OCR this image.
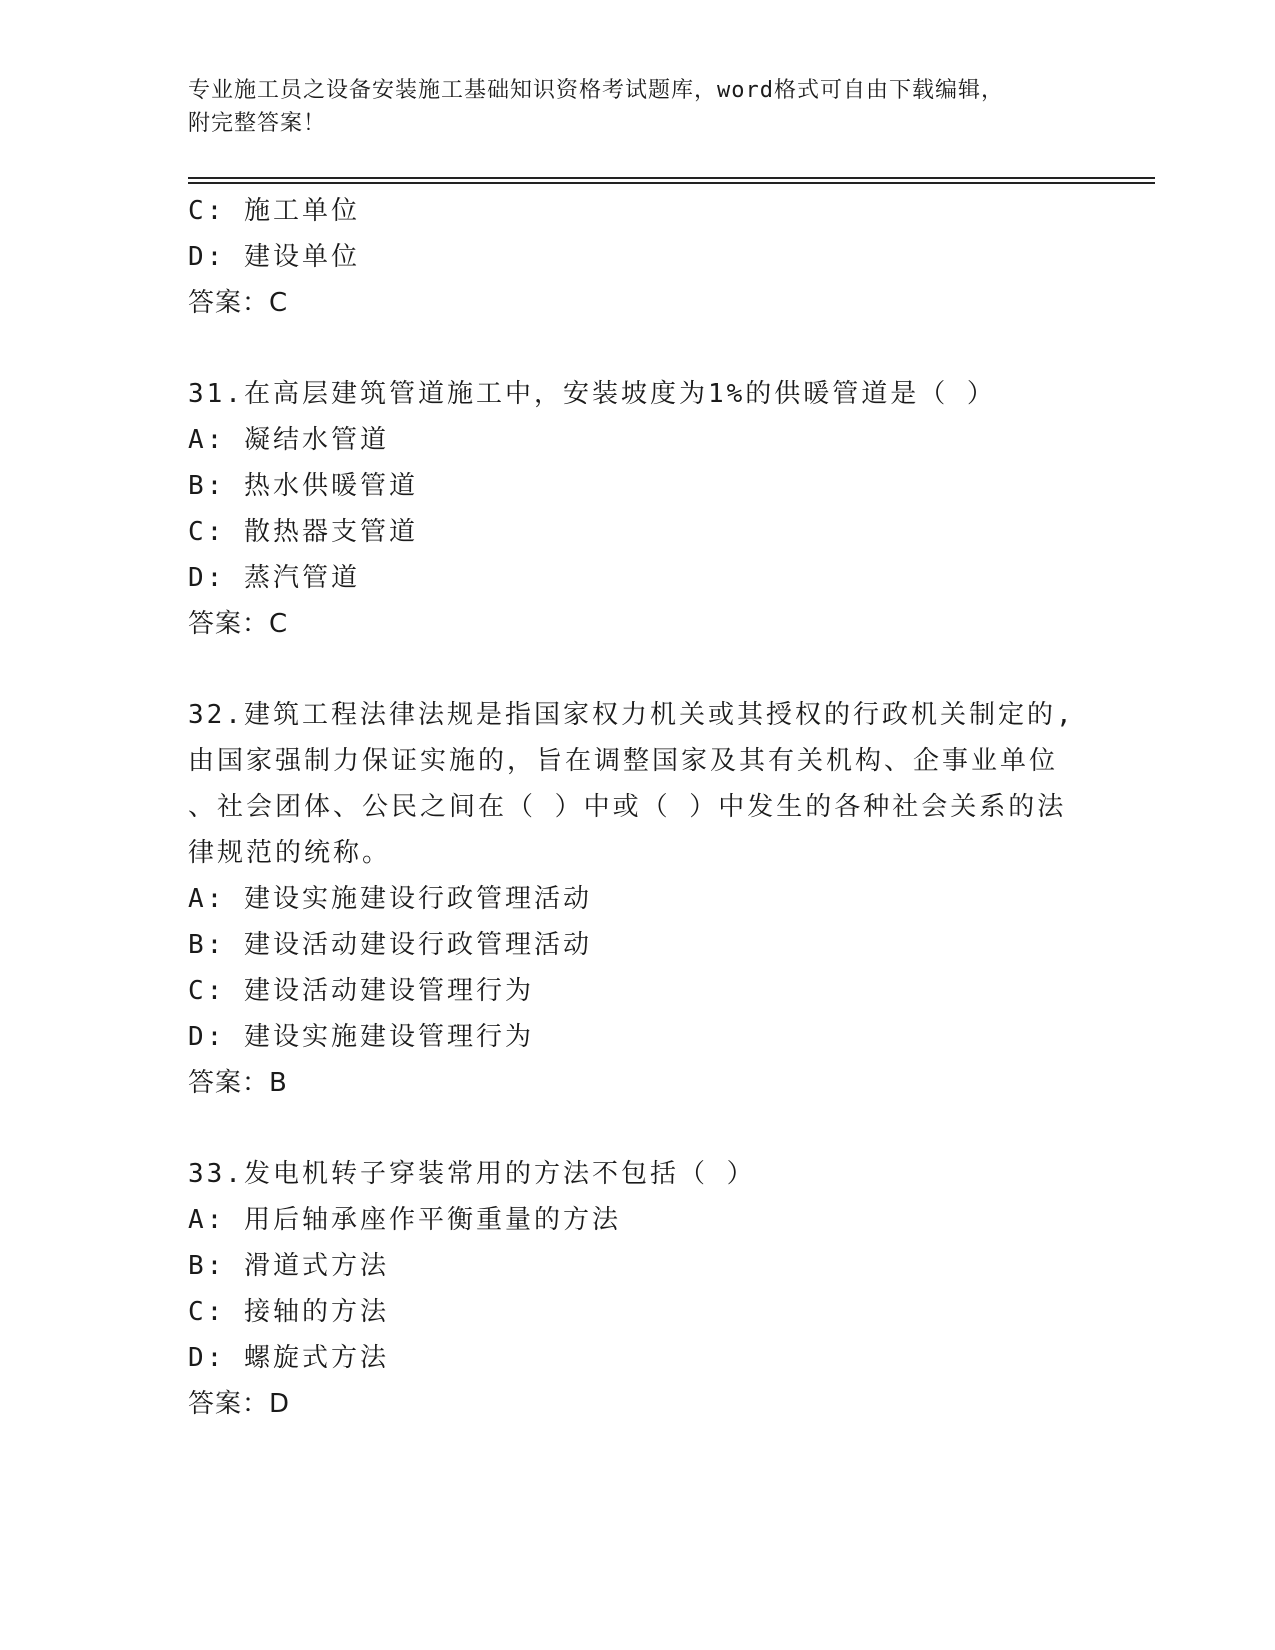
专业施工员之设备安装施工基础知识资格考试题库，word格式可自由下载编辑，
附完整答案！
C: 施工单位
D: 建设单位
答案：C
31.在高层建筑管道施工中，安装坡度为1%的供暖管道是（ ）
A: 凝结水管道
B: 热水供暖管道
C: 散热器支管道
D: 蒸汽管道
答案：C
32.建筑工程法律法规是指国家权力机关或其授权的行政机关制定的,
由国家强制力保证实施的，旨在调整国家及其有关机构、企事业单位
、社会团体、公民之间在（ ）中或（ ）中发生的各种社会关系的法
律规范的统称。
A: 建设实施建设行政管理活动
B: 建设活动建设行政管理活动
C: 建设活动建设管理行为
D: 建设实施建设管理行为
答案：B
33.发电机转子穿装常用的方法不包括（ ）
A: 用后轴承座作平衡重量的方法
B: 滑道式方法
C: 接轴的方法
D: 螺旋式方法
答案：D
